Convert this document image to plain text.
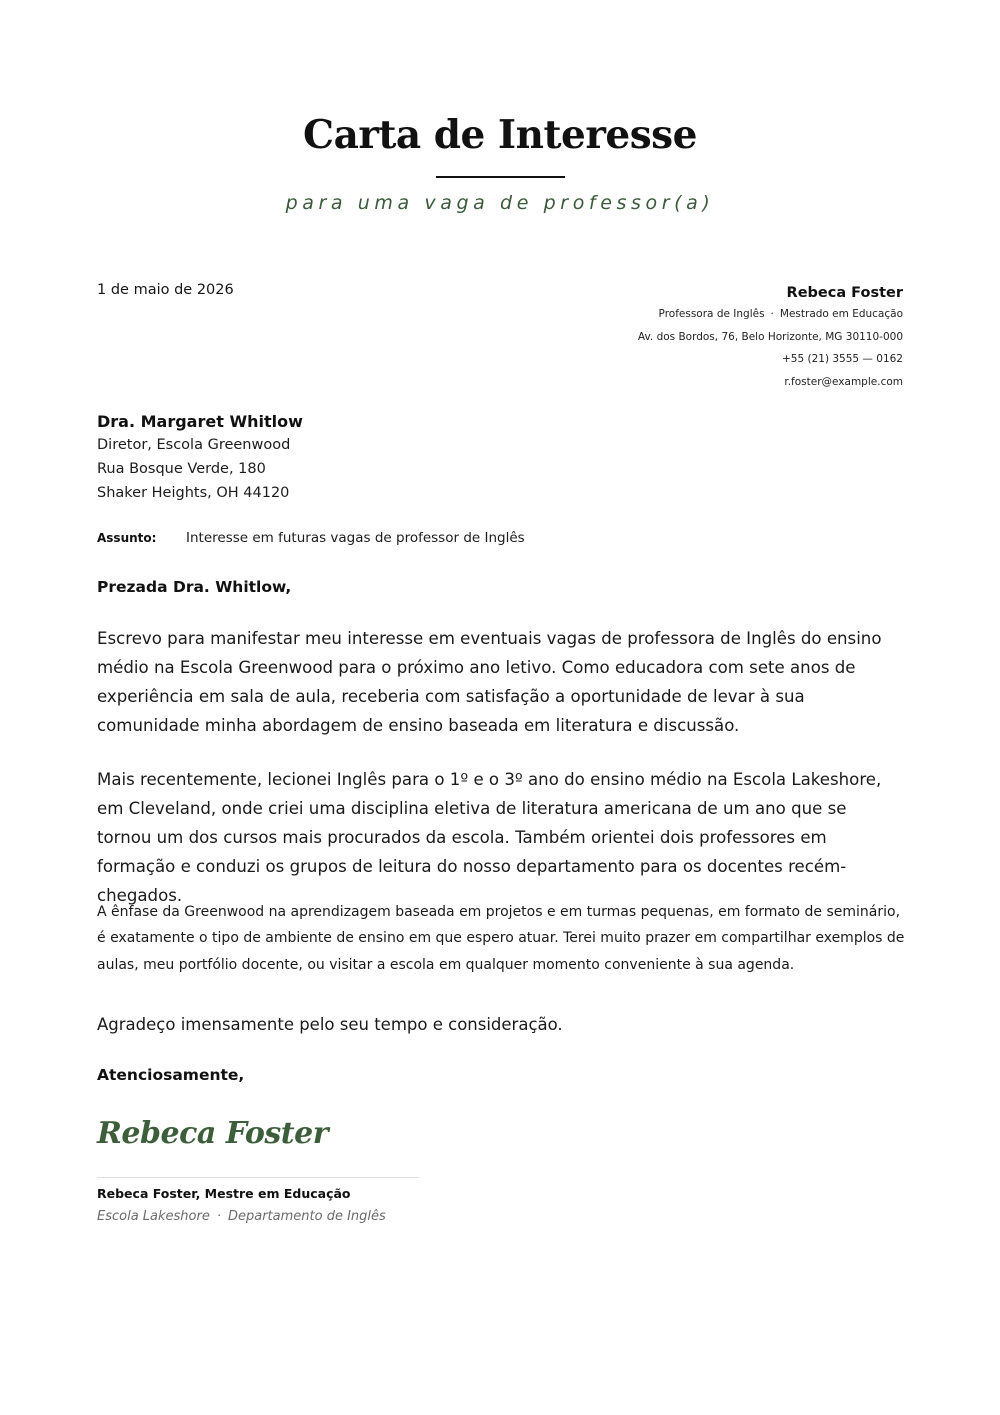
Carta de Interesse

para uma vaga de professor(a)

1 de maio de 2026	Rebeca Foster
Professora de Inglês · Mestrado em Educação
Av. dos Bordos, 76, Belo Horizonte, MG 30110-000
+55 (21) 3555 — 0162
r.foster@example.com
Dra. Margaret Whitlow
Diretor, Escola Greenwood
Rua Bosque Verde, 180
Shaker Heights, OH 44120
Assunto: Interesse em futuras vagas de professor de Inglês
Prezada Dra. Whitlow,

Escrevo para manifestar meu interesse em eventuais vagas de professora de Inglês do ensino médio na Escola Greenwood para o próximo ano letivo. Como educadora com sete anos de experiência em sala de aula, receberia com satisfação a oportunidade de levar à sua comunidade minha abordagem de ensino baseada em literatura e discussão.

Mais recentemente, lecionei Inglês para o 1º e o 3º ano do ensino médio na Escola Lakeshore, em Cleveland, onde criei uma disciplina eletiva de literatura americana de um ano que se tornou um dos cursos mais procurados da escola. Também orientei dois professores em formação e conduzi os grupos de leitura do nosso departamento para os docentes recém-chegados.

A ênfase da Greenwood na aprendizagem baseada em projetos e em turmas pequenas, em formato de seminário, é exatamente o tipo de ambiente de ensino em que espero atuar. Terei muito prazer em compartilhar exemplos de aulas, meu portfólio docente, ou visitar a escola em qualquer momento conveniente à sua agenda.

Agradeço imensamente pelo seu tempo e consideração.
Atenciosamente,
Rebeca Foster
Rebeca Foster, Mestre em Educação
Escola Lakeshore · Departamento de Inglês
